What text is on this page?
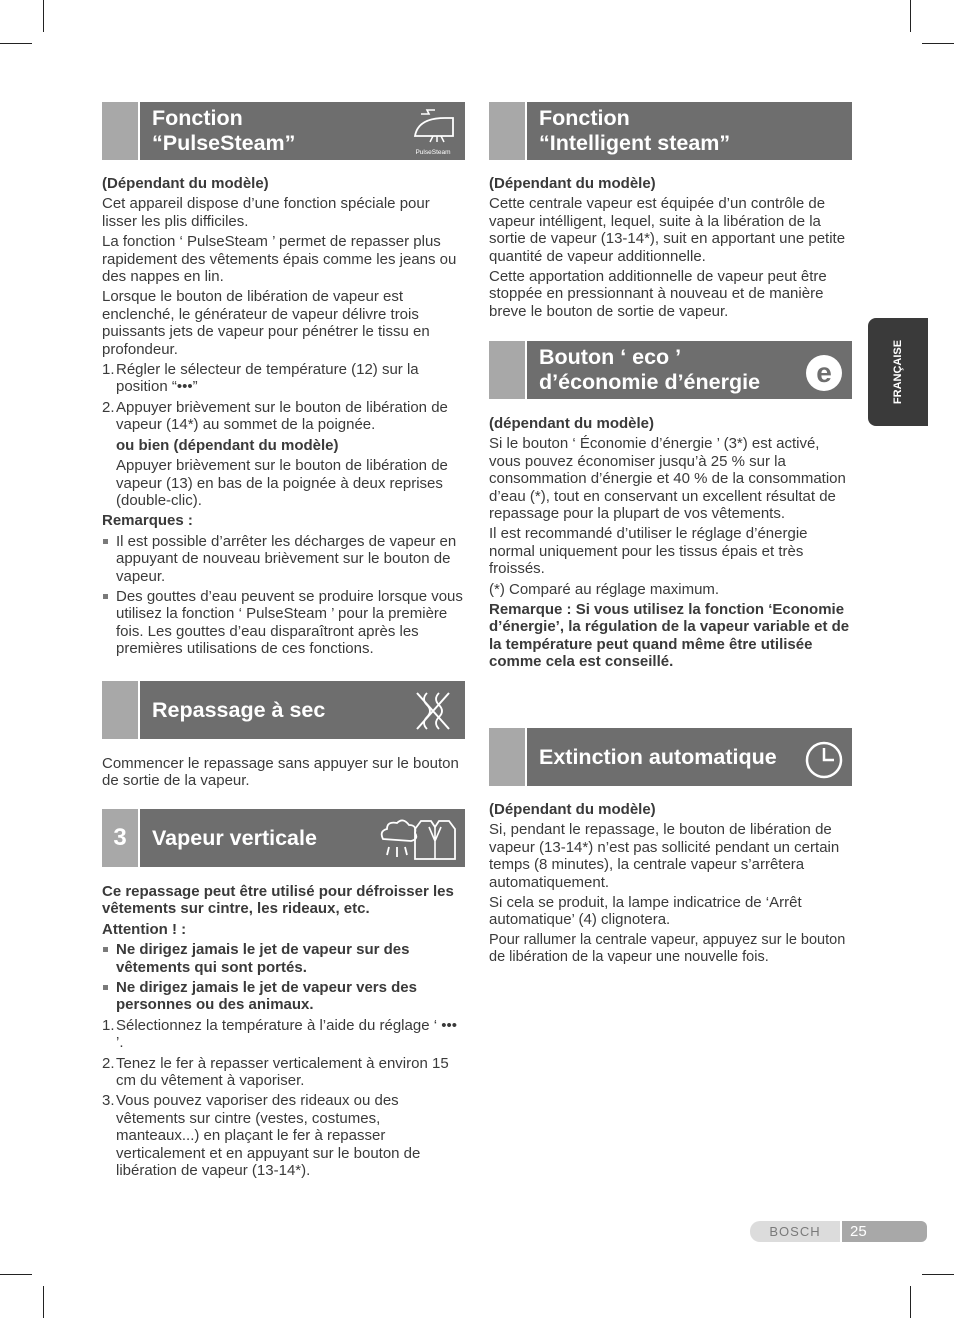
Fonction
“PulseSteam”	PulseSteam

(Dépendant du modèle)

Cet appareil dispose d’une fonction spéciale pour lisser les plis difficiles.

La fonction ‘ PulseSteam ’ permet de repasser plus rapidement des vêtements épais comme les jeans ou des nappes en lin.

Lorsque le bouton de libération de vapeur est enclenché, le générateur de vapeur délivre trois puissants jets de vapeur pour pénétrer le tissu en profondeur.

1. Régler le sélecteur de température (12) sur la position “•••”
2. Appuyer brièvement sur le bouton de libération de vapeur (14*) au sommet de la poignée.

ou bien (dépendant du modèle)

Appuyer brièvement sur le bouton de libération de vapeur (13) en bas de la poignée à deux reprises (double-clic).

Remarques :

Il est possible d’arrêter les décharges de vapeur en appuyant de nouveau brièvement sur le bouton de vapeur.
Des gouttes d’eau peuvent se produire lorsque vous utilisez la fonction ‘ PulseSteam ’ pour la première fois. Les gouttes d’eau disparaîtront après les premières utilisations de ces fonctions.
Repassage à sec

Commencer le repassage sans appuyer sur le bouton de sortie de la vapeur.

3	Vapeur verticale

Ce repassage peut être utilisé pour défroisser les vêtements sur cintre, les rideaux, etc.

Attention ! :

Ne dirigez jamais le jet de vapeur sur des vêtements qui sont portés.
Ne dirigez jamais le jet de vapeur vers des personnes ou des animaux.
1. Sélectionnez la température à l’aide du réglage ‘ ••• ’.
2. Tenez le fer à repasser verticalement à environ 15 cm du vêtement à vaporiser.
3. Vous pouvez vaporiser des rideaux ou des vêtements sur cintre (vestes, costumes, manteaux...) en plaçant le fer à repasser verticalement et en appuyant sur le bouton de libération de vapeur (13-14*).
Fonction
“Intelligent steam”

(Dépendant du modèle)

Cette centrale vapeur est équipée d’un contrôle de vapeur intélligent, lequel, suite à la libération de la sortie de vapeur (13-14*), suit en apportant une petite quantité de vapeur additionnelle.

Cette apportation additionnelle de vapeur peut être stoppée en pressionnant à nouveau et de manière breve le bouton de sortie de vapeur.

Bouton ‘ eco ’
d’économie d’énergie e

(dépendant du modèle)

Si le bouton ‘ Économie d’énergie ’ (3*) est activé, vous pouvez économiser jusqu’à 25 % sur la consommation d’énergie et 40 % de la consommation d’eau (*), tout en conservant un excellent résultat de repassage pour la plupart de vos vêtements.

Il est recommandé d’utiliser le réglage d’énergie normal uniquement pour les tissus épais et très froissés.

(*) Comparé au réglage maximum.

Remarque : Si vous utilisez la fonction ‘Economie d’énergie’, la régulation de la vapeur variable et de la température peut quand même être utilisée comme cela est conseillé.

Extinction automatique

(Dépendant du modèle)

Si, pendant le repassage, le bouton de libération de vapeur (13-14*) n’est pas sollicité pendant un certain temps (8 minutes), la centrale vapeur s’arrêtera automatiquement.

Si cela se produit, la lampe indicatrice de ‘Arrêt automatique’ (4) clignotera.

Pour rallumer la centrale vapeur, appuyez sur le bouton de libération de la vapeur une nouvelle fois.

FRANÇAISE
BOSCH	25
